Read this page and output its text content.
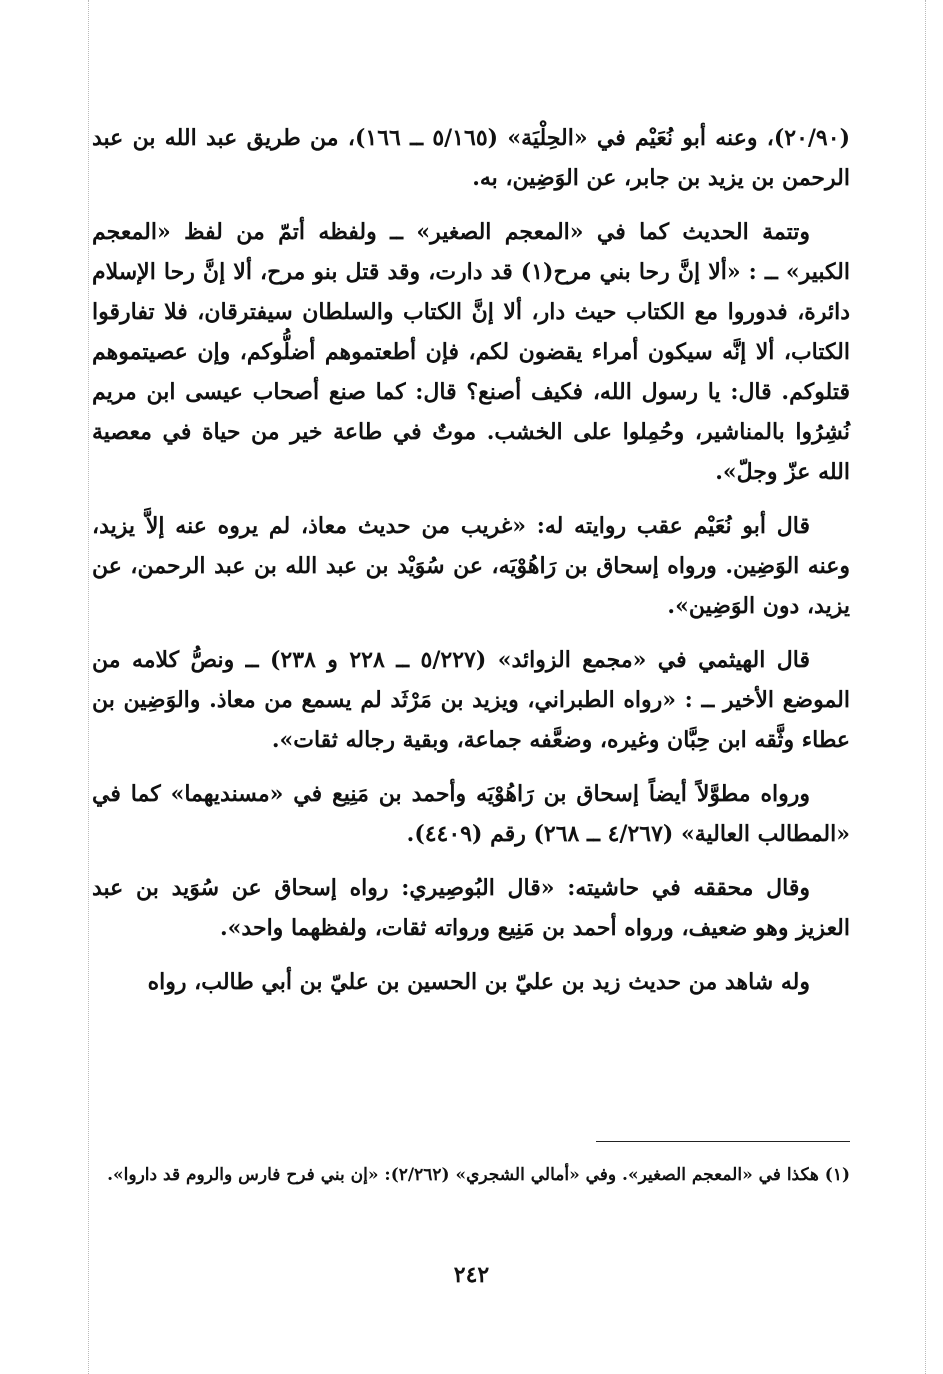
(٢٠/٩٠)، وعنه أبو نُعَيْم في «الحِلْيَة» (٥/١٦٥ ــ ١٦٦)، من طريق عبد الله بن عبد الرحمن بن يزيد بن جابر، عن الوَضِين، به.

وتتمة الحديث كما في «المعجم الصغير» ــ ولفظه أتمّ من لفظ «المعجم الكبير» ــ : «ألا إنَّ رحا بني مرح(١) قد دارت، وقد قتل بنو مرح، ألا إنَّ رحا الإسلام دائرة، فدوروا مع الكتاب حيث دار، ألا إنَّ الكتاب والسلطان سيفترقان، فلا تفارقوا الكتاب، ألا إنَّه سيكون أمراء يقضون لكم، فإن أطعتموهم أضلُّوكم، وإن عصيتموهم قتلوكم. قال: يا رسول الله، فكيف أصنع؟ قال: كما صنع أصحاب عيسى ابن مريم نُشِرُوا بالمناشير، وحُمِلوا على الخشب. موتٌ في طاعة خير من حياة في معصية الله عزّ وجلّ».

قال أبو نُعَيْم عقب روايته له: «غريب من حديث معاذ، لم يروه عنه إلاَّ يزيد، وعنه الوَضِين. ورواه إسحاق بن رَاهُوْيَه، عن سُوَيْد بن عبد الله بن عبد الرحمن، عن يزيد، دون الوَضِين».

قال الهيثمي في «مجمع الزوائد» (٥/٢٢٧ ــ ٢٢٨ و ٢٣٨) ــ ونصُّ كلامه من الموضع الأخير ــ : «رواه الطبراني، ويزيد بن مَرْثَد لم يسمع من معاذ. والوَضِين بن عطاء وثَّقه ابن حِبَّان وغيره، وضعَّفه جماعة، وبقية رجاله ثقات».

ورواه مطوَّلاً أيضاً إسحاق بن رَاهُوْيَه وأحمد بن مَنِيع في «مسنديهما» كما في «المطالب العالية» (٤/٢٦٧ ــ ٢٦٨) رقم (٤٤٠٩).

وقال محققه في حاشيته: «قال البُوصِيري: رواه إسحاق عن سُوَيد بن عبد العزيز وهو ضعيف، ورواه أحمد بن مَنِيع ورواته ثقات، ولفظهما واحد».

وله شاهد من حديث زيد بن عليّ بن الحسين بن عليّ بن أبي طالب، رواه

(١) هكذا في «المعجم الصغير». وفي «أمالي الشجري» (٢/٢٦٢): «إن بني فرح فارس والروم قد داروا».
٢٤٢
